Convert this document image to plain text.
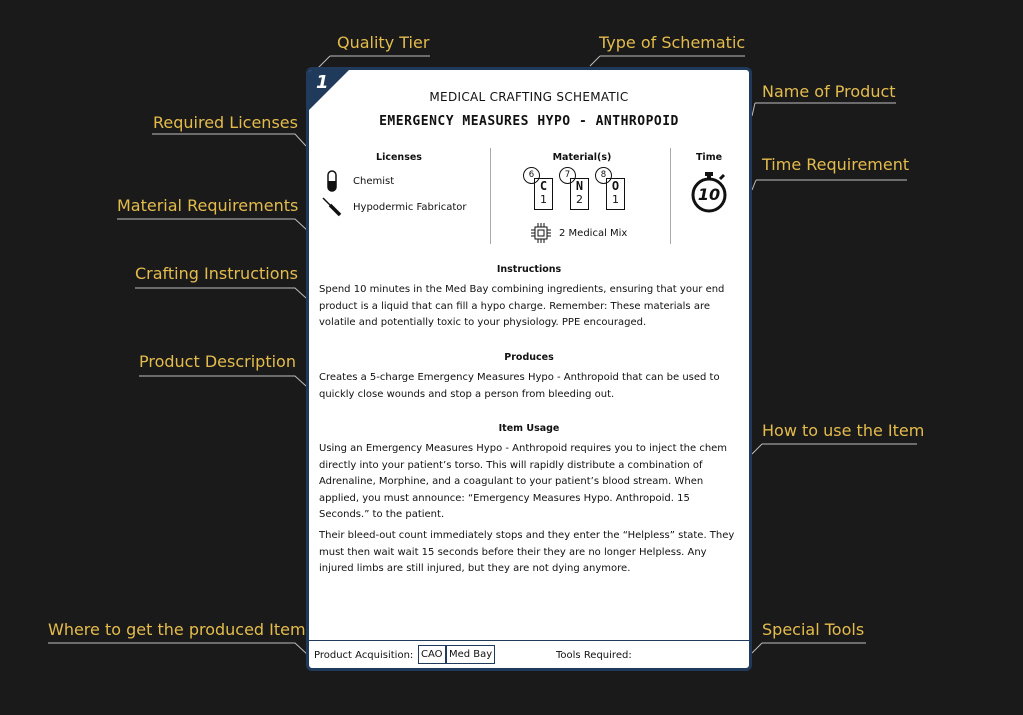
Quality Tier	Type of Schematic
Name of Product
Required Licenses
Time Requirement
Material Requirements
Crafting Instructions
Product Description
How to use the Item
Where to get the produced Item	Special Tools
1
MEDICAL CRAFTING SCHEMATIC
EMERGENCY MEASURES HYPO - ANTHROPOID
Licenses
Chemist
Hypodermic Fabricator
Material(s)
6
C
1
7
N
2
8
O
1
2 Medical Mix
Time
10
Instructions
Spend 10 minutes in the Med Bay combining ingredients, ensuring that your end product is a liquid that can fill a hypo charge. Remember: These materials are volatile and potentially toxic to your physiology. PPE encouraged.
Produces
Creates a 5-charge Emergency Measures Hypo - Anthropoid that can be used to quickly close wounds and stop a person from bleeding out.
Item Usage
Using an Emergency Measures Hypo - Anthropoid requires you to inject the chem directly into your patient’s torso. This will rapidly distribute a combination of Adrenaline, Morphine, and a coagulant to your patient’s blood stream. When applied, you must announce: “Emergency Measures Hypo. Anthropoid. 15 Seconds.” to the patient.
Their bleed-out count immediately stops and they enter the “Helpless” state. They must then wait wait 15 seconds before their they are no longer Helpless. Any injured limbs are still injured, but they are not dying anymore.
Product Acquisition: CAO Med Bay	Tools Required:
